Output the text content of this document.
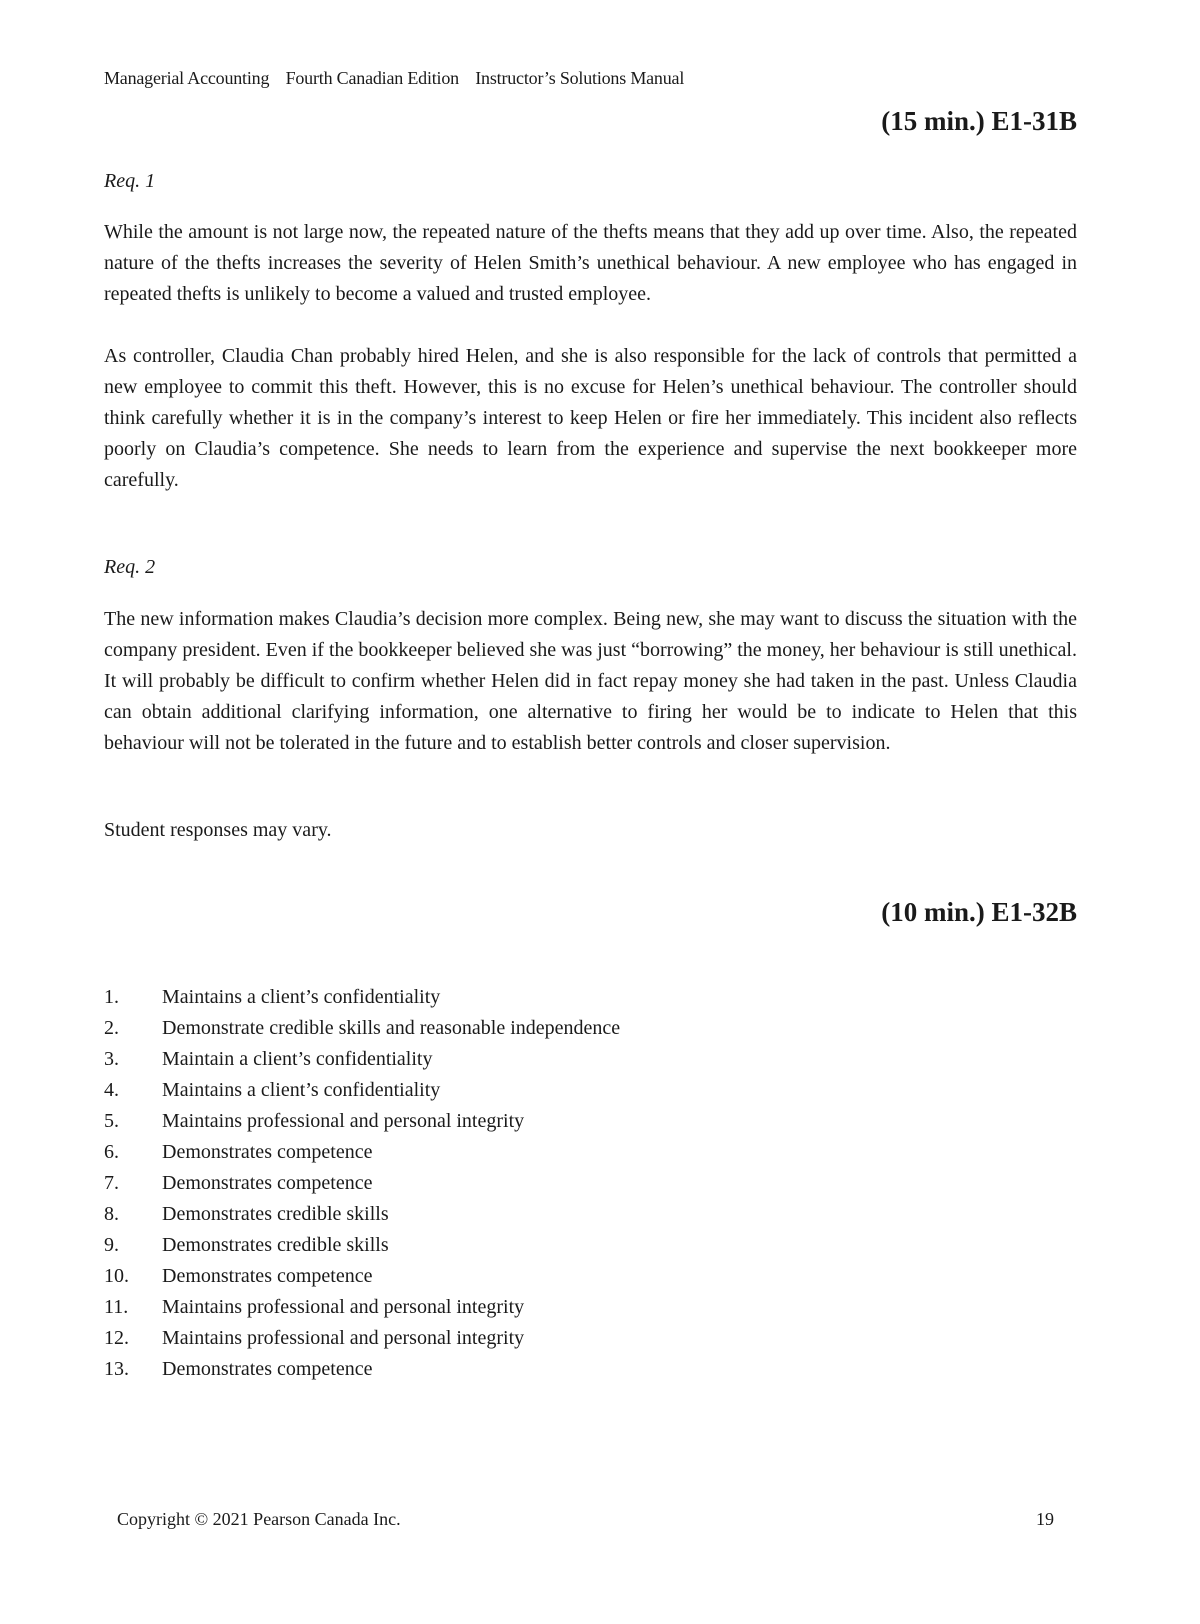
Managerial Accounting Fourth Canadian Edition Instructor’s Solutions Manual
(15 min.) E1-31B
Req. 1

While the amount is not large now, the repeated nature of the thefts means that they add up over time. Also, the repeated nature of the thefts increases the severity of Helen Smith’s unethical behaviour. A new employee who has engaged in repeated thefts is unlikely to become a valued and trusted employee.

As controller, Claudia Chan probably hired Helen, and she is also responsible for the lack of controls that permitted a new employee to commit this theft. However, this is no excuse for Helen’s unethical behaviour. The controller should think carefully whether it is in the company’s interest to keep Helen or fire her immediately. This incident also reflects poorly on Claudia’s competence. She needs to learn from the experience and supervise the next bookkeeper more carefully.

Req. 2

The new information makes Claudia’s decision more complex. Being new, she may want to discuss the situation with the company president. Even if the bookkeeper believed she was just “borrowing” the money, her behaviour is still unethical. It will probably be difficult to confirm whether Helen did in fact repay money she had taken in the past. Unless Claudia can obtain additional clarifying information, one alternative to firing her would be to indicate to Helen that this behaviour will not be tolerated in the future and to establish better controls and closer supervision.

Student responses may vary.

(10 min.) E1-32B
1.	Maintains a client’s confidentiality
2.	Demonstrate credible skills and reasonable independence
3.	Maintain a client’s confidentiality
4.	Maintains a client’s confidentiality
5.	Maintains professional and personal integrity
6.	Demonstrates competence
7.	Demonstrates competence
8.	Demonstrates credible skills
9.	Demonstrates credible skills
10.	Demonstrates competence
11.	Maintains professional and personal integrity
12.	Maintains professional and personal integrity
13.	Demonstrates competence
Copyright © 2021 Pearson Canada Inc.	19
